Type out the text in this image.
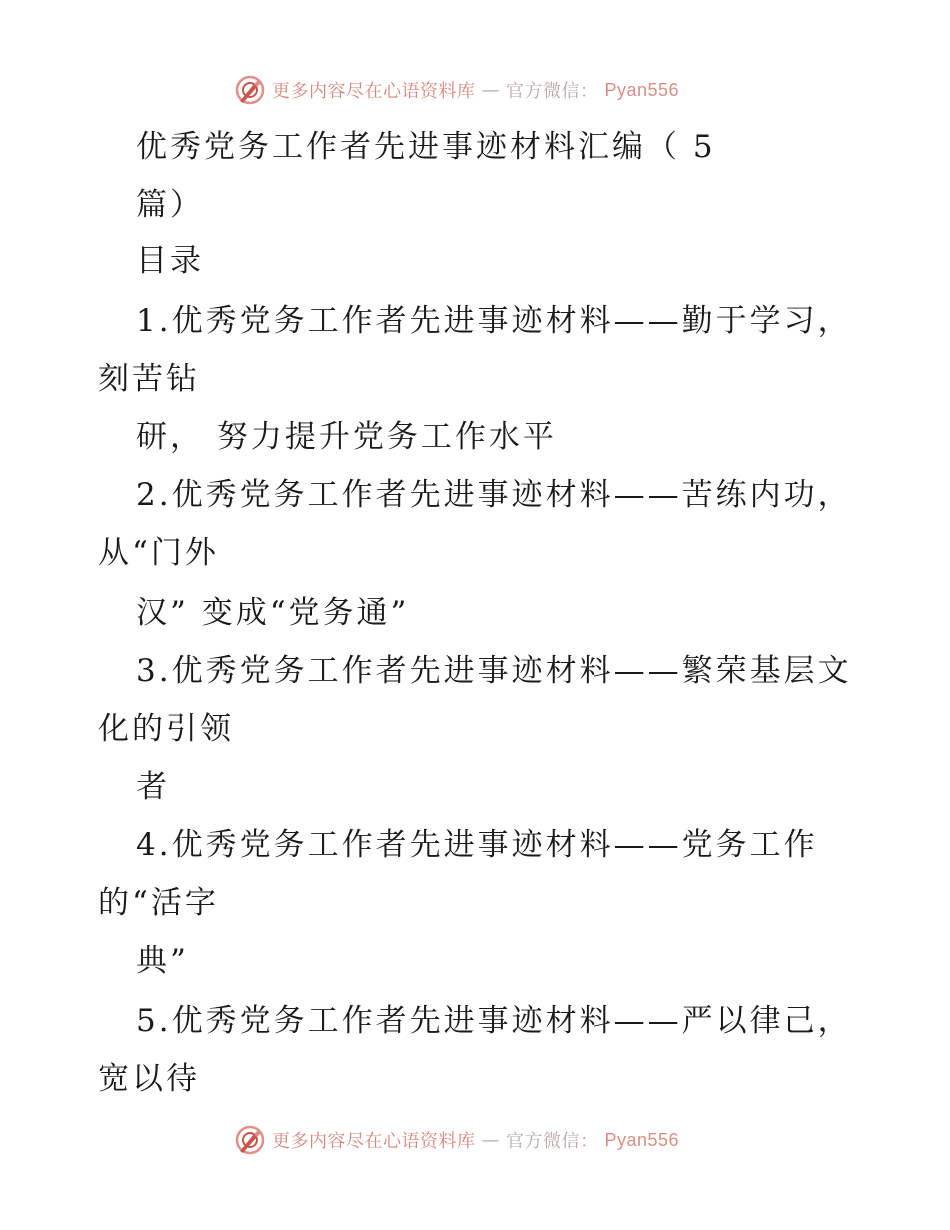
更多内容尽在心语资料库 — 官方微信： Pyan556
优秀党务工作者先进事迹材料汇编（ 5
篇）
目录
1.优秀党务工作者先进事迹材料——勤于学习，
刻苦钻
研， 努力提升党务工作水平
2.优秀党务工作者先进事迹材料——苦练内功，
从“门外
汉” 变成“党务通”
3.优秀党务工作者先进事迹材料——繁荣基层文
化的引领
者
4.优秀党务工作者先进事迹材料——党务工作
的“活字
典”
5.优秀党务工作者先进事迹材料——严以律己，
宽以待
更多内容尽在心语资料库 — 官方微信： Pyan556
